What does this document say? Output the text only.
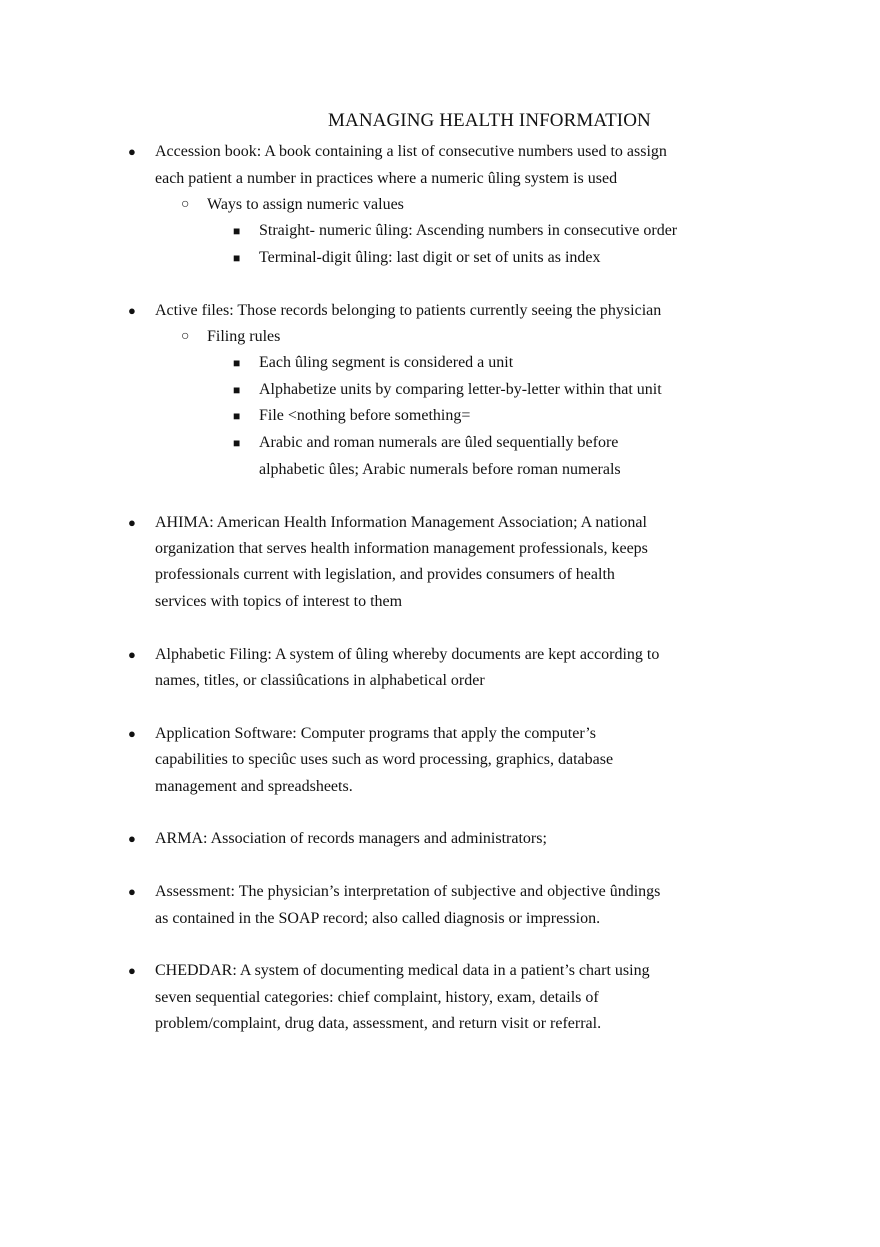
MANAGING HEALTH INFORMATION
● Accession book: A book containing a list of consecutive numbers used to assign
each patient a number in practices where a numeric ûling system is used
○ Ways to assign numeric values
■ Straight- numeric ûling: Ascending numbers in consecutive order
■ Terminal-digit ûling: last digit or set of units as index
● Active files: Those records belonging to patients currently seeing the physician
○ Filing rules
■ Each ûling segment is considered a unit
■ Alphabetize units by comparing letter-by-letter within that unit
■ File <nothing before something=
■ Arabic and roman numerals are ûled sequentially before
alphabetic ûles; Arabic numerals before roman numerals
● AHIMA: American Health Information Management Association; A national
organization that serves health information management professionals, keeps
professionals current with legislation, and provides consumers of health
services with topics of interest to them
● Alphabetic Filing: A system of ûling whereby documents are kept according to
names, titles, or classiûcations in alphabetical order
● Application Software: Computer programs that apply the computer’s
capabilities to speciûc uses such as word processing, graphics, database
management and spreadsheets.
● ARMA: Association of records managers and administrators;
● Assessment: The physician’s interpretation of subjective and objective ûndings
as contained in the SOAP record; also called diagnosis or impression.
● CHEDDAR: A system of documenting medical data in a patient’s chart using
seven sequential categories: chief complaint, history, exam, details of
problem/complaint, drug data, assessment, and return visit or referral.
